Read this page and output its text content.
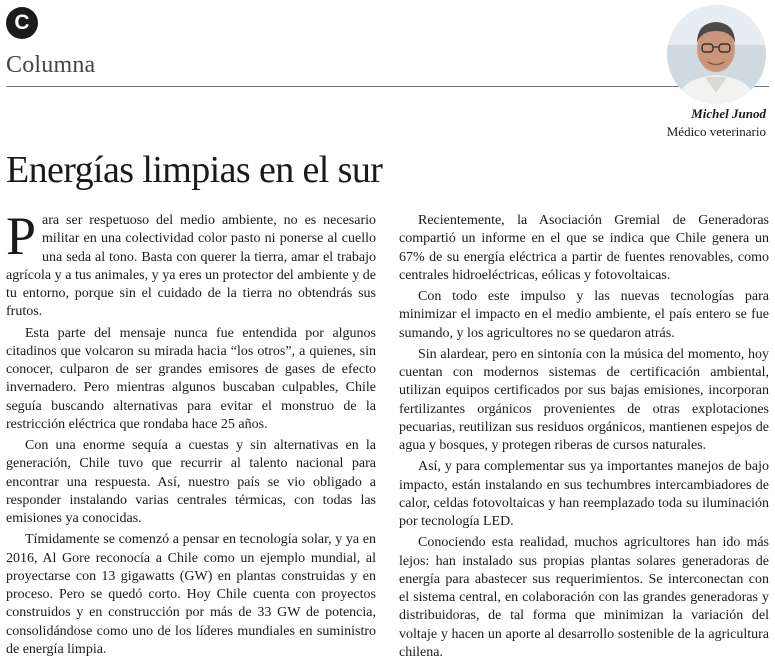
C
Columna
Michel Junod
Médico veterinario
Energías limpias en el sur

Para ser respetuoso del medio ambiente, no es necesario militar en una colectividad color pasto ni ponerse al cuello una seda al tono. Basta con querer la tierra, amar el trabajo agrícola y a tus animales, y ya eres un protector del ambiente y de tu entorno, porque sin el cuidado de la tierra no obtendrás sus frutos.

Esta parte del mensaje nunca fue entendida por algunos citadinos que volcaron su mirada hacia “los otros”, a quienes, sin conocer, culparon de ser grandes emisores de gases de efecto invernadero. Pero mientras algunos buscaban culpables, Chile seguía buscando alternativas para evitar el monstruo de la restricción eléctrica que rondaba hace 25 años.

Con una enorme sequía a cuestas y sin alternativas en la generación, Chile tuvo que recurrir al talento nacional para encontrar una respuesta. Así, nuestro país se vio obligado a responder instalando varias centrales térmicas, con todas las emisiones ya conocidas.

Tímidamente se comenzó a pensar en tecnología solar, y ya en 2016, Al Gore reconocía a Chile como un ejemplo mundial, al proyectarse con 13 gigawatts (GW) en plantas construidas y en proceso. Pero se quedó corto. Hoy Chile cuenta con proyectos construidos y en construcción por más de 33 GW de potencia, consolidándose como uno de los líderes mundiales en suministro de energía limpia.

Recientemente, la Asociación Gremial de Generadoras compartió un informe en el que se indica que Chile genera un 67% de su energía eléctrica a partir de fuentes renovables, como centrales hidroeléctricas, eólicas y fotovoltaicas.

Con todo este impulso y las nuevas tecnologías para minimizar el impacto en el medio ambiente, el país entero se fue sumando, y los agricultores no se quedaron atrás.

Sin alardear, pero en sintonía con la música del momento, hoy cuentan con modernos sistemas de certificación ambiental, utilizan equipos certificados por sus bajas emisiones, incorporan fertilizantes orgánicos provenientes de otras explotaciones pecuarias, reutilizan sus residuos orgánicos, mantienen espejos de agua y bosques, y protegen riberas de cursos naturales.

Así, y para complementar sus ya importantes manejos de bajo impacto, están instalando en sus techumbres intercambiadores de calor, celdas fotovoltaicas y han reemplazado toda su iluminación por tecnología LED.

Conociendo esta realidad, muchos agricultores han ido más lejos: han instalado sus propias plantas solares generadoras de energía para abastecer sus requerimientos. Se interconectan con el sistema central, en colaboración con las grandes generadoras y distribuidoras, de tal forma que minimizan la variación del voltaje y hacen un aporte al desarrollo sostenible de la agricultura chilena.
